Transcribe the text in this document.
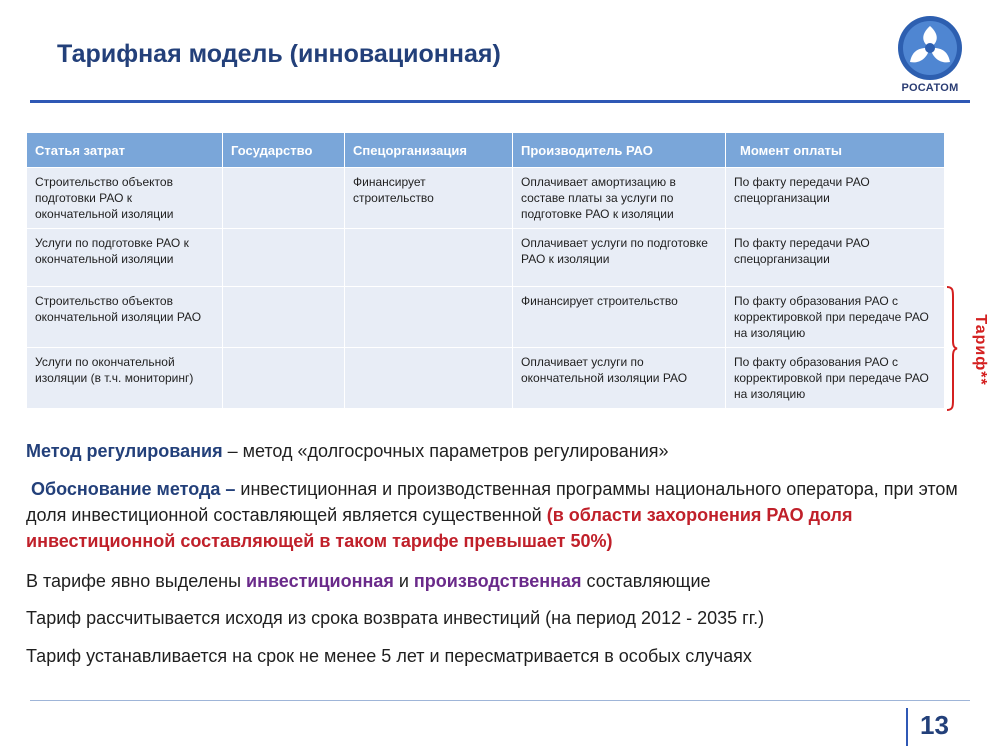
Тарифная модель (инновационная)
РОСАТОМ
Статья затрат	Государство	Спецорганизация	Производитель РАО	Момент оплаты
Строительство объектов подготовки РАО к окончательной изоляции		Финансирует строительство	Оплачивает амортизацию в составе платы за услуги по подготовке РАО к изоляции	По факту передачи РАО спецорганизации
Услуги по подготовке РАО к окончательной изоляции			Оплачивает услуги по подготовке РАО к изоляции	По факту передачи РАО спецорганизации
Строительство объектов окончательной изоляции РАО			Финансирует строительство	По факту образования РАО с корректировкой при передаче РАО на изоляцию
Услуги по окончательной изоляции (в т.ч. мониторинг)			Оплачивает услуги по окончательной изоляции РАО	По факту образования РАО с корректировкой при передаче РАО на изоляцию
Тариф**
Метод регулирования – метод «долгосрочных параметров регулирования»
Обоснование метода – инвестиционная и производственная программы национального оператора, при этом доля инвестиционной составляющей является существенной (в области захоронения РАО доля инвестиционной составляющей в таком тарифе превышает 50%)
В тарифе явно выделены инвестиционная и производственная составляющие
Тариф рассчитывается исходя из срока возврата инвестиций (на период 2012 - 2035 гг.)
Тариф устанавливается на срок не менее 5 лет и пересматривается в особых случаях
13
